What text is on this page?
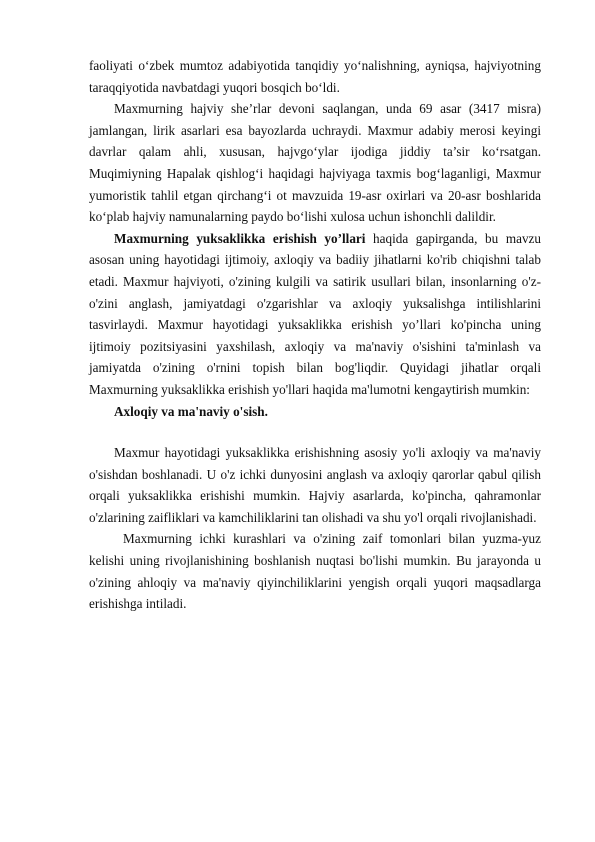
faoliyati o‘zbek mumtoz adabiyotida tanqidiy yo‘nalishning, ayniqsa, hajviyotning taraqqiyotida navbatdagi yuqori bosqich bo‘ldi.

Maxmurning hajviy she’rlar devoni saqlangan, unda 69 asar (3417 misra) jamlangan, lirik asarlari esa bayozlarda uchraydi. Maxmur adabiy merosi keyingi davrlar qalam ahli, xususan, hajvgo‘ylar ijodiga jiddiy ta’sir ko‘rsatgan. Muqimiyning Hapalak qishlog‘i haqidagi hajviyaga taxmis bog‘laganligi, Maxmur yumoristik tahlil etgan qirchang‘i ot mavzuida 19-asr oxirlari va 20-asr boshlarida ko‘plab hajviy namunalarning paydo bo‘lishi xulosa uchun ishonchli dalildir.

Maxmurning yuksaklikka erishish yo’llari haqida gapirganda, bu mavzu asosan uning hayotidagi ijtimoiy, axloqiy va badiiy jihatlarni ko'rib chiqishni talab etadi. Maxmur hajviyoti, o'zining kulgili va satirik usullari bilan, insonlarning o'z-o'zini anglash, jamiyatdagi o'zgarishlar va axloqiy yuksalishga intilishlarini tasvirlaydi. Maxmur hayotidagi yuksaklikka erishish yo’llari ko'pincha uning ijtimoiy pozitsiyasini yaxshilash, axloqiy va ma'naviy o'sishini ta'minlash va jamiyatda o'zining o'rnini topish bilan bog'liqdir. Quyidagi jihatlar orqali Maxmurning yuksaklikka erishish yo'llari haqida ma'lumotni kengaytirish mumkin:

Axloqiy va ma'naviy o'sish.

Maxmur hayotidagi yuksaklikka erishishning asosiy yo'li axloqiy va ma'naviy o'sishdan boshlanadi. U o'z ichki dunyosini anglash va axloqiy qarorlar qabul qilish orqali yuksaklikka erishishi mumkin. Hajviy asarlarda, ko'pincha, qahramonlar o'zlarining zaifliklari va kamchiliklarini tan olishadi va shu yo'l orqali rivojlanishadi.

Maxmurning ichki kurashlari va o'zining zaif tomonlari bilan yuzma-yuz kelishi uning rivojlanishining boshlanish nuqtasi bo'lishi mumkin. Bu jarayonda u o'zining ahloqiy va ma'naviy qiyinchiliklarini yengish orqali yuqori maqsadlarga erishishga intiladi.
